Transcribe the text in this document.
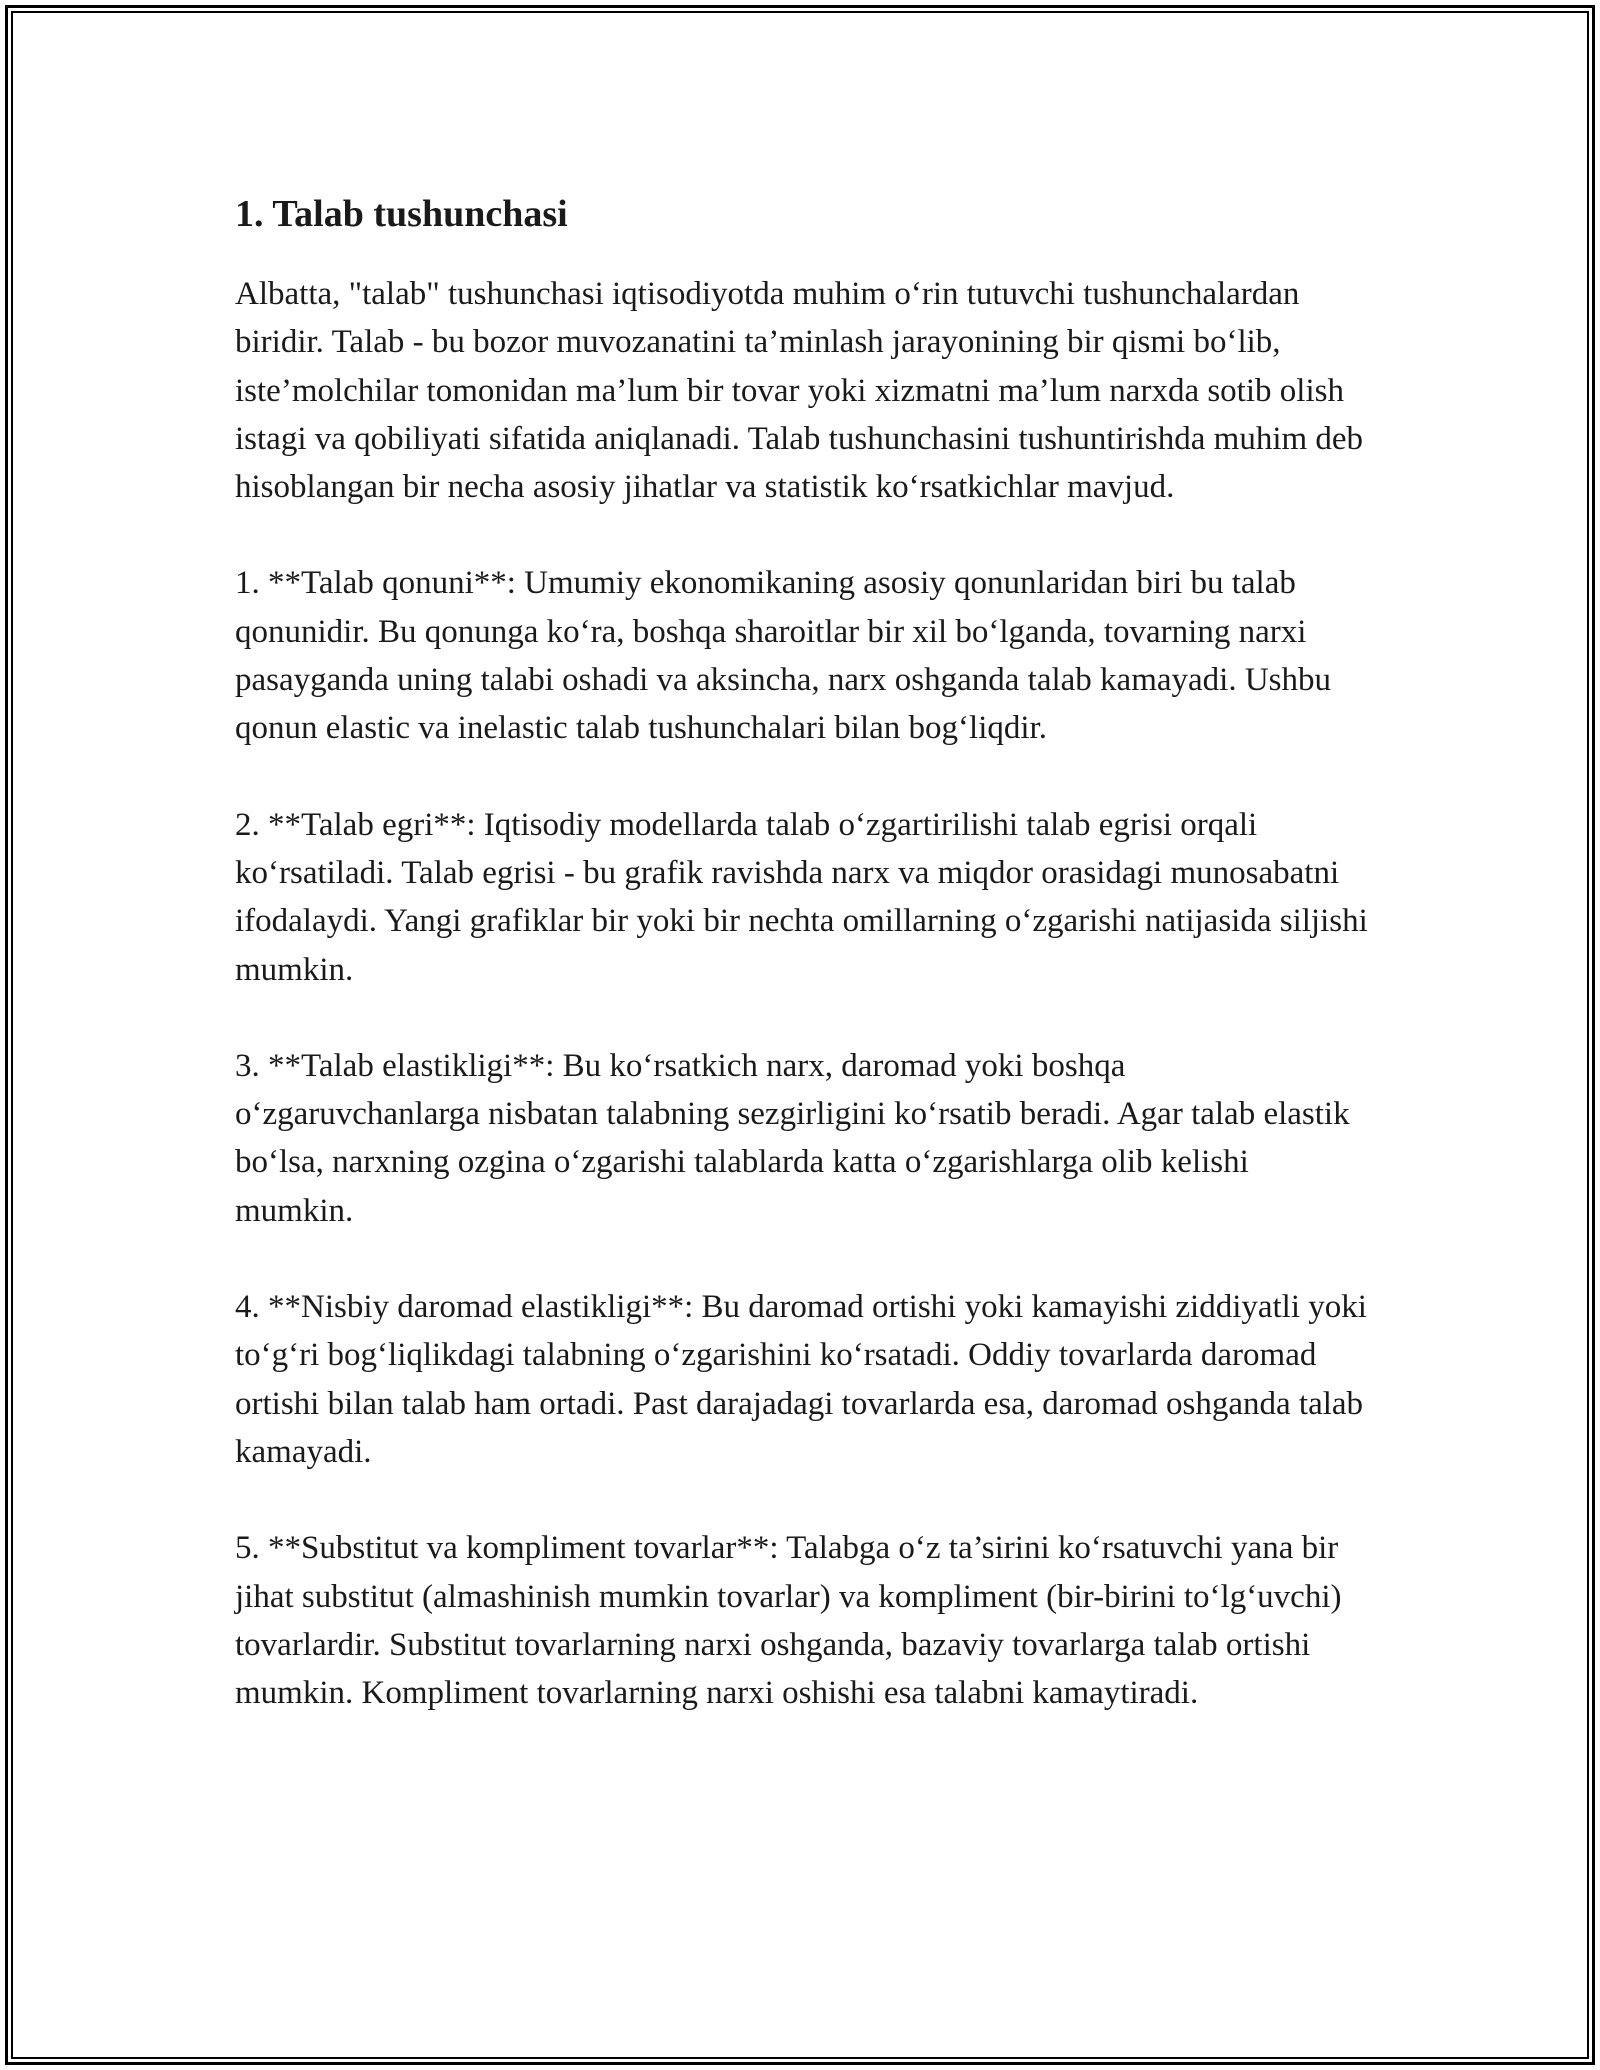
1. Talab tushunchasi

Albatta, "talab" tushunchasi iqtisodiyotda muhim o‘rin tutuvchi tushunchalardan biridir. Talab - bu bozor muvozanatini ta’minlash jarayonining bir qismi bo‘lib, iste’molchilar tomonidan ma’lum bir tovar yoki xizmatni ma’lum narxda sotib olish istagi va qobiliyati sifatida aniqlanadi. Talab tushunchasini tushuntirishda muhim deb hisoblangan bir necha asosiy jihatlar va statistik ko‘rsatkichlar mavjud.

1. **Talab qonuni**: Umumiy ekonomikaning asosiy qonunlaridan biri bu talab qonunidir. Bu qonunga ko‘ra, boshqa sharoitlar bir xil bo‘lganda, tovarning narxi pasayganda uning talabi oshadi va aksincha, narx oshganda talab kamayadi. Ushbu qonun elastic va inelastic talab tushunchalari bilan bog‘liqdir.

2. **Talab egri**: Iqtisodiy modellarda talab o‘zgartirilishi talab egrisi orqali ko‘rsatiladi. Talab egrisi - bu grafik ravishda narx va miqdor orasidagi munosabatni ifodalaydi. Yangi grafiklar bir yoki bir nechta omillarning o‘zgarishi natijasida siljishi mumkin.

3. **Talab elastikligi**: Bu ko‘rsatkich narx, daromad yoki boshqa o‘zgaruvchanlarga nisbatan talabning sezgirligini ko‘rsatib beradi. Agar talab elastik bo‘lsa, narxning ozgina o‘zgarishi talablarda katta o‘zgarishlarga olib kelishi mumkin.

4. **Nisbiy daromad elastikligi**: Bu daromad ortishi yoki kamayishi ziddiyatli yoki to‘g‘ri bog‘liqlikdagi talabning o‘zgarishini ko‘rsatadi. Oddiy tovarlarda daromad ortishi bilan talab ham ortadi. Past darajadagi tovarlarda esa, daromad oshganda talab kamayadi.

5. **Substitut va kompliment tovarlar**: Talabga o‘z ta’sirini ko‘rsatuvchi yana bir jihat substitut (almashinish mumkin tovarlar) va kompliment (bir-birini to‘lg‘uvchi) tovarlardir. Substitut tovarlarning narxi oshganda, bazaviy tovarlarga talab ortishi mumkin. Kompliment tovarlarning narxi oshishi esa talabni kamaytiradi.
